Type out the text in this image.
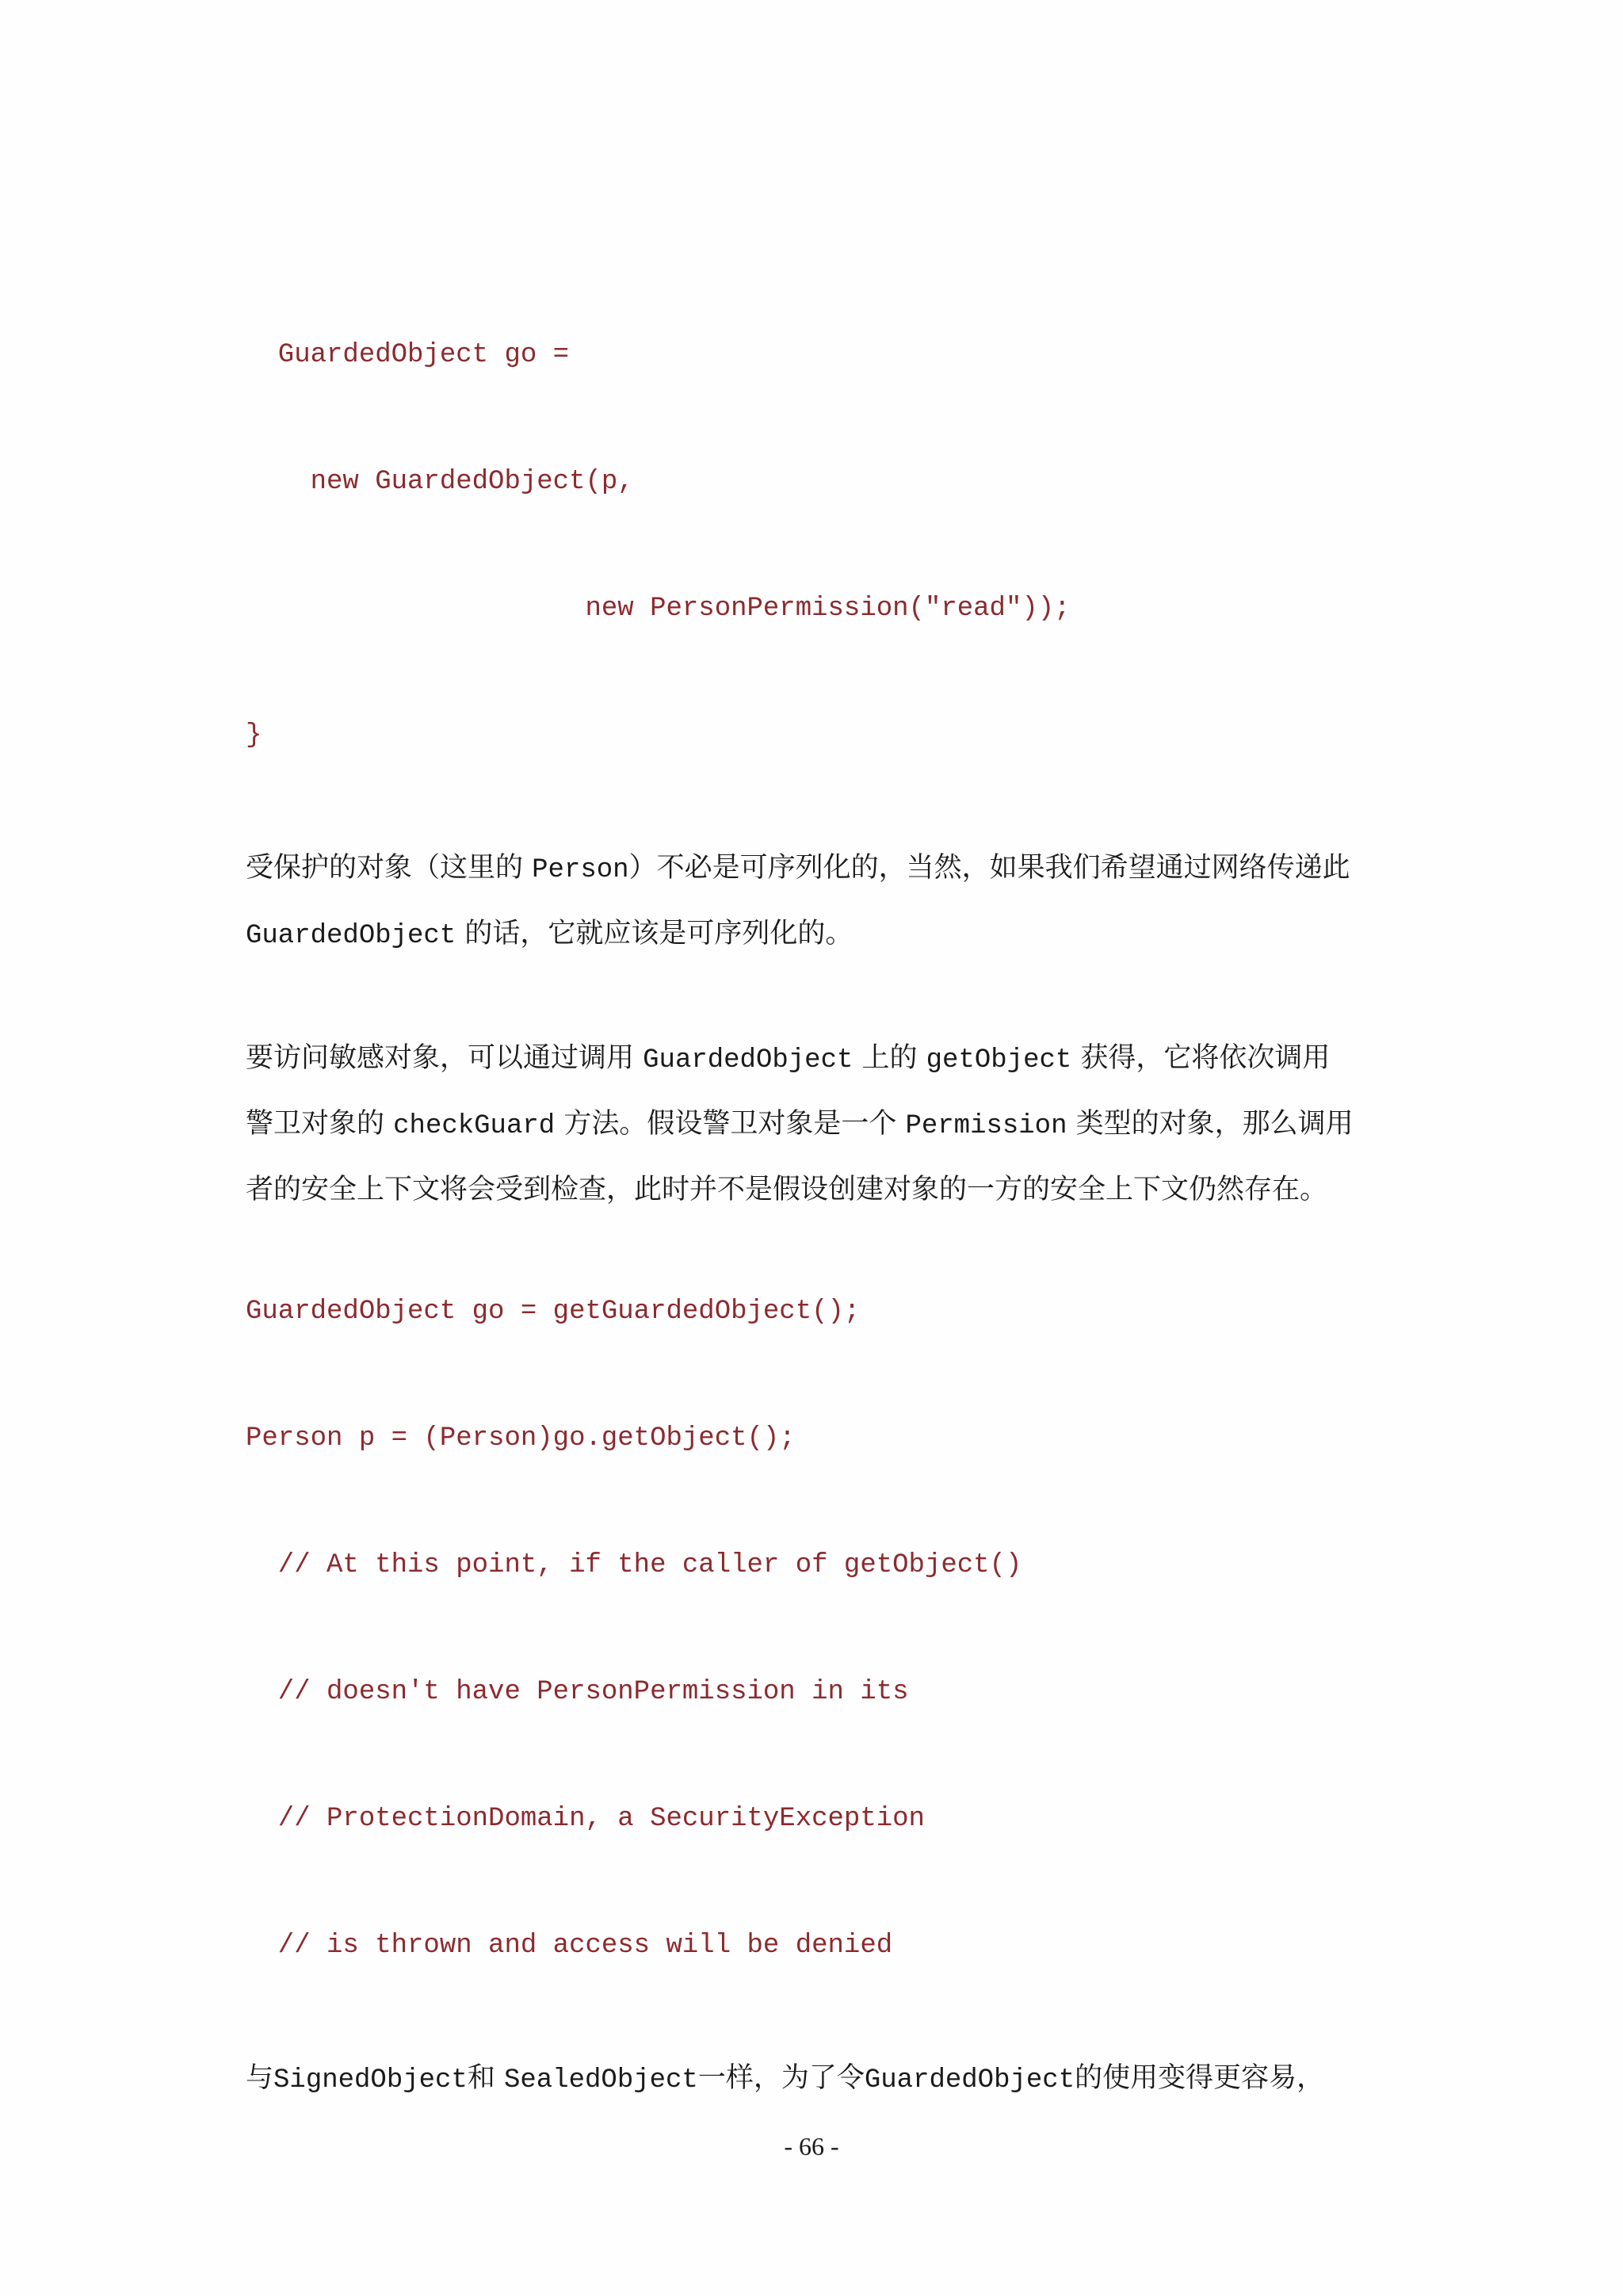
GuardedObject go =
new GuardedObject(p,
new PersonPermission("read"));
}
受保护的对象（这里的 Person）不必是可序列化的，当然，如果我们希望通过网络传递此
GuardedObject 的话，它就应该是可序列化的。
要访问敏感对象，可以通过调用 GuardedObject 上的 getObject 获得，它将依次调用
警卫对象的 checkGuard 方法。假设警卫对象是一个 Permission 类型的对象，那么调用
者的安全上下文将会受到检查，此时并不是假设创建对象的一方的安全上下文仍然存在。
GuardedObject go = getGuardedObject();
Person p = (Person)go.getObject();
// At this point, if the caller of getObject()
// doesn't have PersonPermission in its
// ProtectionDomain, a SecurityException
// is thrown and access will be denied
与SignedObject和 SealedObject一样，为了令GuardedObject的使用变得更容易，
- 66 -
